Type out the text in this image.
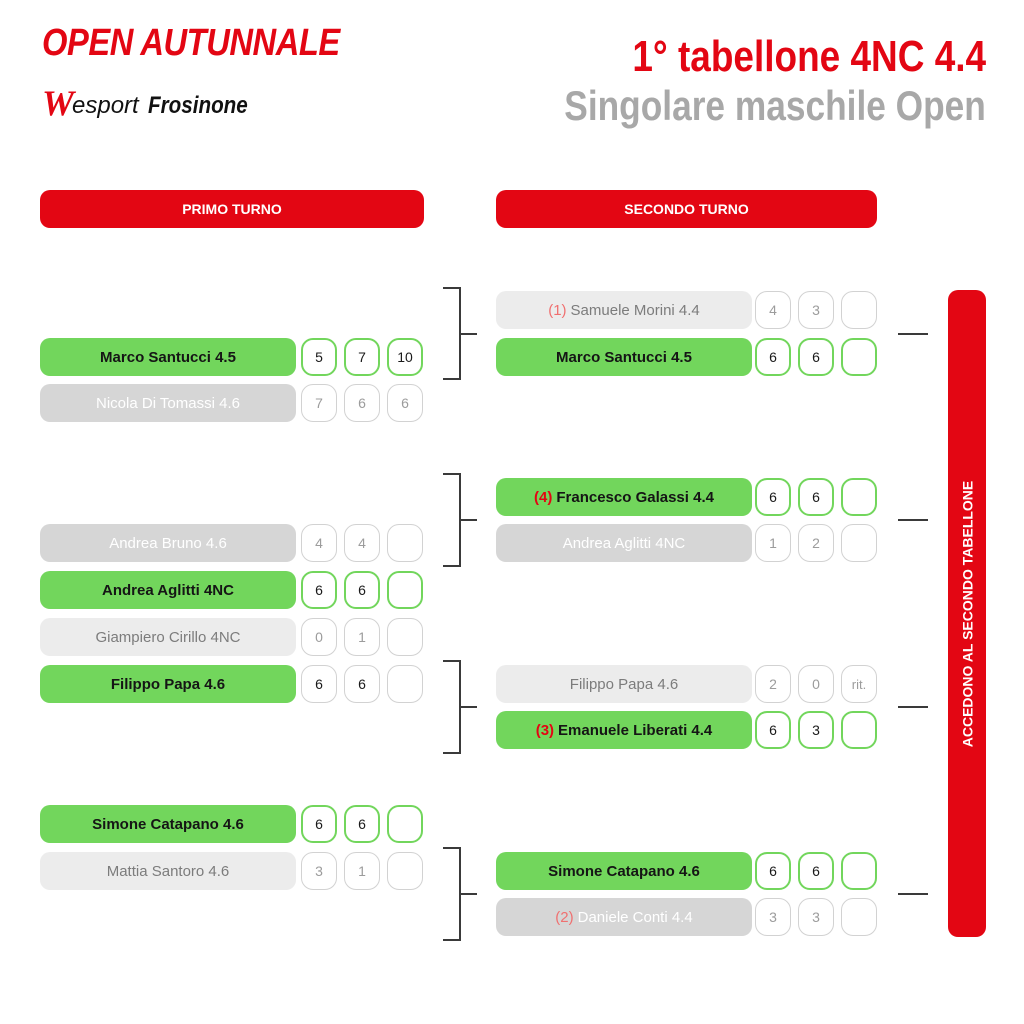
OPEN AUTUNNALE
W
esport Frosinone
1° tabellone 4NC 4.4
Singolare maschile Open
PRIMO TURNO	SECONDO TURNO
Marco Santucci 4.5	5	7	10
Nicola Di Tomassi 4.6	7	6	6
Andrea Bruno 4.6	4	4
Andrea Aglitti 4NC	6	6
Giampiero Cirillo 4NC	0	1
Filippo Papa 4.6	6	6
Simone Catapano 4.6	6	6
Mattia Santoro 4.6	3	1
(1) Samuele Morini 4.4	4	3
Marco Santucci 4.5	6	6
(4) Francesco Galassi 4.4	6	6
Andrea Aglitti 4NC	1	2
Filippo Papa 4.6	2	0	rit.
(3) Emanuele Liberati 4.4	6	3
Simone Catapano 4.6	6	6
(2) Daniele Conti 4.4	3	3
ACCEDONO AL SECONDO TABELLONE
